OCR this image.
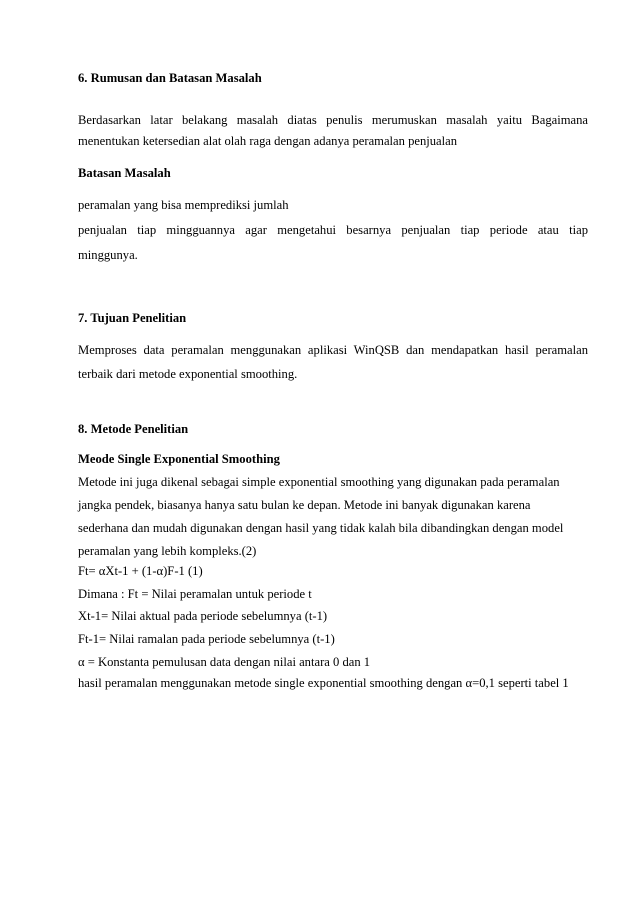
6. Rumusan dan Batasan Masalah
Berdasarkan latar belakang masalah diatas penulis merumuskan masalah yaitu Bagaimana
menentukan ketersedian alat olah raga dengan adanya peramalan penjualan
Batasan Masalah
peramalan yang bisa memprediksi jumlah
penjualan tiap mingguannya agar mengetahui besarnya penjualan tiap periode atau tiap
minggunya.
7. Tujuan Penelitian
Memproses data peramalan menggunakan aplikasi WinQSB dan mendapatkan hasil peramalan
terbaik dari metode exponential smoothing.
8. Metode Penelitian
Meode Single Exponential Smoothing
Metode ini juga dikenal sebagai simple exponential smoothing yang digunakan pada peramalan
jangka pendek, biasanya hanya satu bulan ke depan. Metode ini banyak digunakan karena
sederhana dan mudah digunakan dengan hasil yang tidak kalah bila dibandingkan dengan model
peramalan yang lebih kompleks.(2)
Ft= αXt-1 + (1-α)F-1 (1)
Dimana : Ft = Nilai peramalan untuk periode t
Xt-1= Nilai aktual pada periode sebelumnya (t-1)
Ft-1= Nilai ramalan pada periode sebelumnya (t-1)
α = Konstanta pemulusan data dengan nilai antara 0 dan 1
hasil peramalan menggunakan metode single exponential smoothing dengan α=0,1 seperti tabel 1
